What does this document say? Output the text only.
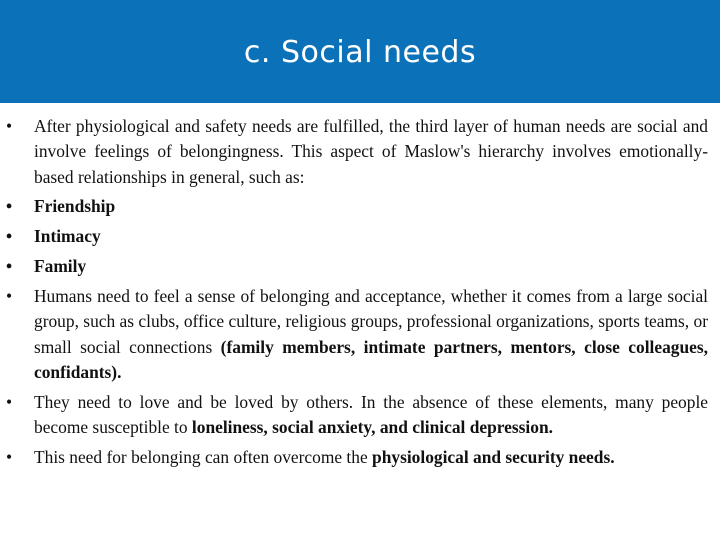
c. Social needs
• After physiological and safety needs are fulfilled, the third layer of human needs are social and involve feelings of belongingness. This aspect of Maslow's hierarchy involves emotionally-based relationships in general, such as:
• Friendship
• Intimacy
• Family
• Humans need to feel a sense of belonging and acceptance, whether it comes from a large social group, such as clubs, office culture, religious groups, professional organizations, sports teams, or small social connections (family members, intimate partners, mentors, close colleagues, confidants).
• They need to love and be loved by others. In the absence of these elements, many people become susceptible to loneliness, social anxiety, and clinical depression.
• This need for belonging can often overcome the physiological and security needs.
